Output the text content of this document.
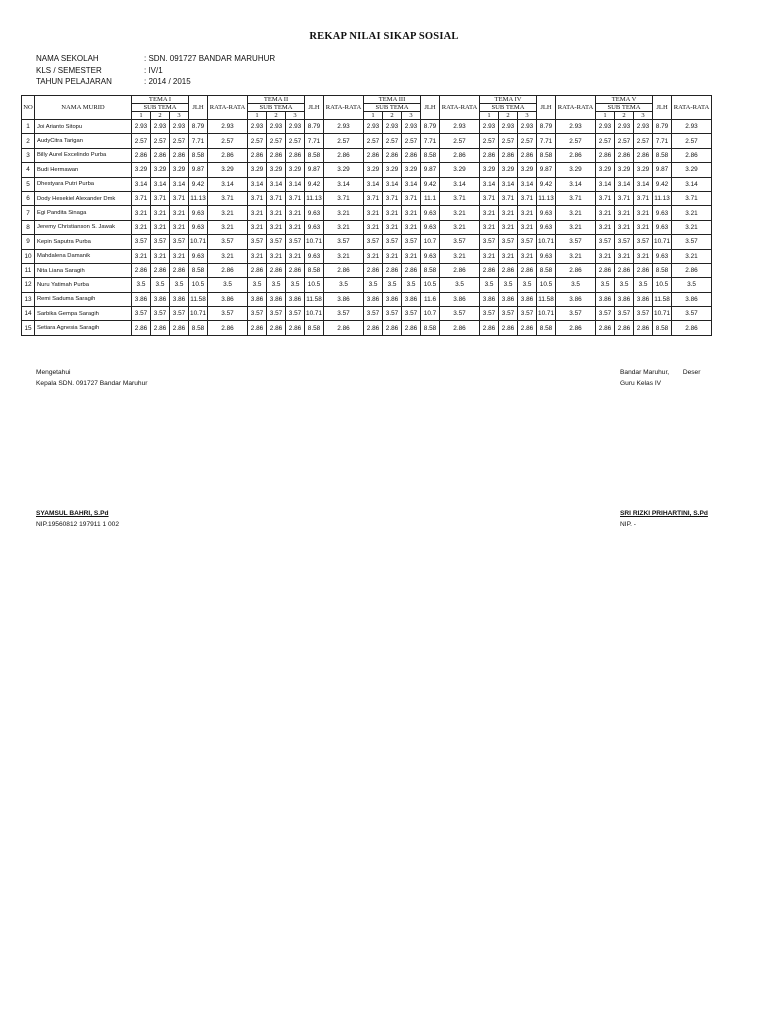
REKAP NILAI SIKAP SOSIAL
NAMA SEKOLAH	: SDN. 091727 BANDAR MARUHUR
KLS / SEMESTER	: IV/1
TAHUN PELAJARAN	: 2014 / 2015
NO	NAMA MURID	TEMA I			JLH	RATA-RATA	TEMA II			JLH	RATA-RATA	TEMA III			JLH	RATA-RATA	TEMA IV			JLH	RATA-RATA	TEMA V			JLH	RATA-RATA
		SUB TEMA					SUB TEMA					SUB TEMA					SUB TEMA					SUB TEMA				
		1	2	3			1	2	3			1	2	3			1	2	3			1	2	3		
1	Joi Arianto Sitopu	2.93	2.93	2.93	8.79	2.93	2.93	2.93	2.93	8.79	2.93	2.93	2.93	2.93	8.79	2.93	2.93	2.93	2.93	8.79	2.93	2.93	2.93	2.93	8.79	2.93
2	AudyCitra Tarigan	2.57	2.57	2.57	7.71	2.57	2.57	2.57	2.57	7.71	2.57	2.57	2.57	2.57	7.71	2.57	2.57	2.57	2.57	7.71	2.57	2.57	2.57	2.57	7.71	2.57
3	Billy Aurel Excelindo Purba	2.86	2.86	2.86	8.58	2.86	2.86	2.86	2.86	8.58	2.86	2.86	2.86	2.86	8.58	2.86	2.86	2.86	2.86	8.58	2.86	2.86	2.86	2.86	8.58	2.86
4	Budi Hermawan	3.29	3.29	3.29	9.87	3.29	3.29	3.29	3.29	9.87	3.29	3.29	3.29	3.29	9.87	3.29	3.29	3.29	3.29	9.87	3.29	3.29	3.29	3.29	9.87	3.29
5	Dhestyara Putri Purba	3.14	3.14	3.14	9.42	3.14	3.14	3.14	3.14	9.42	3.14	3.14	3.14	3.14	9.42	3.14	3.14	3.14	3.14	9.42	3.14	3.14	3.14	3.14	9.42	3.14
6	Dody Hesekiel Alexander Dmk	3.71	3.71	3.71	11.13	3.71	3.71	3.71	3.71	11.13	3.71	3.71	3.71	3.71	11.1	3.71	3.71	3.71	3.71	11.13	3.71	3.71	3.71	3.71	11.13	3.71
7	Egi Pandita Sinaga	3.21	3.21	3.21	9.63	3.21	3.21	3.21	3.21	9.63	3.21	3.21	3.21	3.21	9.63	3.21	3.21	3.21	3.21	9.63	3.21	3.21	3.21	3.21	9.63	3.21
8	Jeremy Christianson S. Jawak	3.21	3.21	3.21	9.63	3.21	3.21	3.21	3.21	9.63	3.21	3.21	3.21	3.21	9.63	3.21	3.21	3.21	3.21	9.63	3.21	3.21	3.21	3.21	9.63	3.21
9	Kepin Saputra Purba	3.57	3.57	3.57	10.71	3.57	3.57	3.57	3.57	10.71	3.57	3.57	3.57	3.57	10.7	3.57	3.57	3.57	3.57	10.71	3.57	3.57	3.57	3.57	10.71	3.57
10	Mahdalena Damanik	3.21	3.21	3.21	9.63	3.21	3.21	3.21	3.21	9.63	3.21	3.21	3.21	3.21	9.63	3.21	3.21	3.21	3.21	9.63	3.21	3.21	3.21	3.21	9.63	3.21
11	Nita Liana Saragih	2.86	2.86	2.86	8.58	2.86	2.86	2.86	2.86	8.58	2.86	2.86	2.86	2.86	8.58	2.86	2.86	2.86	2.86	8.58	2.86	2.86	2.86	2.86	8.58	2.86
12	Nuru Yatimah Purba	3.5	3.5	3.5	10.5	3.5	3.5	3.5	3.5	10.5	3.5	3.5	3.5	3.5	10.5	3.5	3.5	3.5	3.5	10.5	3.5	3.5	3.5	3.5	10.5	3.5
13	Remi Saduma Saragih	3.86	3.86	3.86	11.58	3.86	3.86	3.86	3.86	11.58	3.86	3.86	3.86	3.86	11.6	3.86	3.86	3.86	3.86	11.58	3.86	3.86	3.86	3.86	11.58	3.86
14	Sarbika Gempa Saragih	3.57	3.57	3.57	10.71	3.57	3.57	3.57	3.57	10.71	3.57	3.57	3.57	3.57	10.7	3.57	3.57	3.57	3.57	10.71	3.57	3.57	3.57	3.57	10.71	3.57
15	Setiara Agnesia Saragih	2.86	2.86	2.86	8.58	2.86	2.86	2.86	2.86	8.58	2.86	2.86	2.86	2.86	8.58	2.86	2.86	2.86	2.86	8.58	2.86	2.86	2.86	2.86	8.58	2.86
Mengetahui
Kepala SDN. 091727 Bandar Maruhur
SYAMSUL BAHRI, S.Pd
NIP.19560812 197911 1 002
Bandar Maruhur, Deser
Guru Kelas IV
SRI RIZKI PRIHARTINI, S.Pd
NIP. -
